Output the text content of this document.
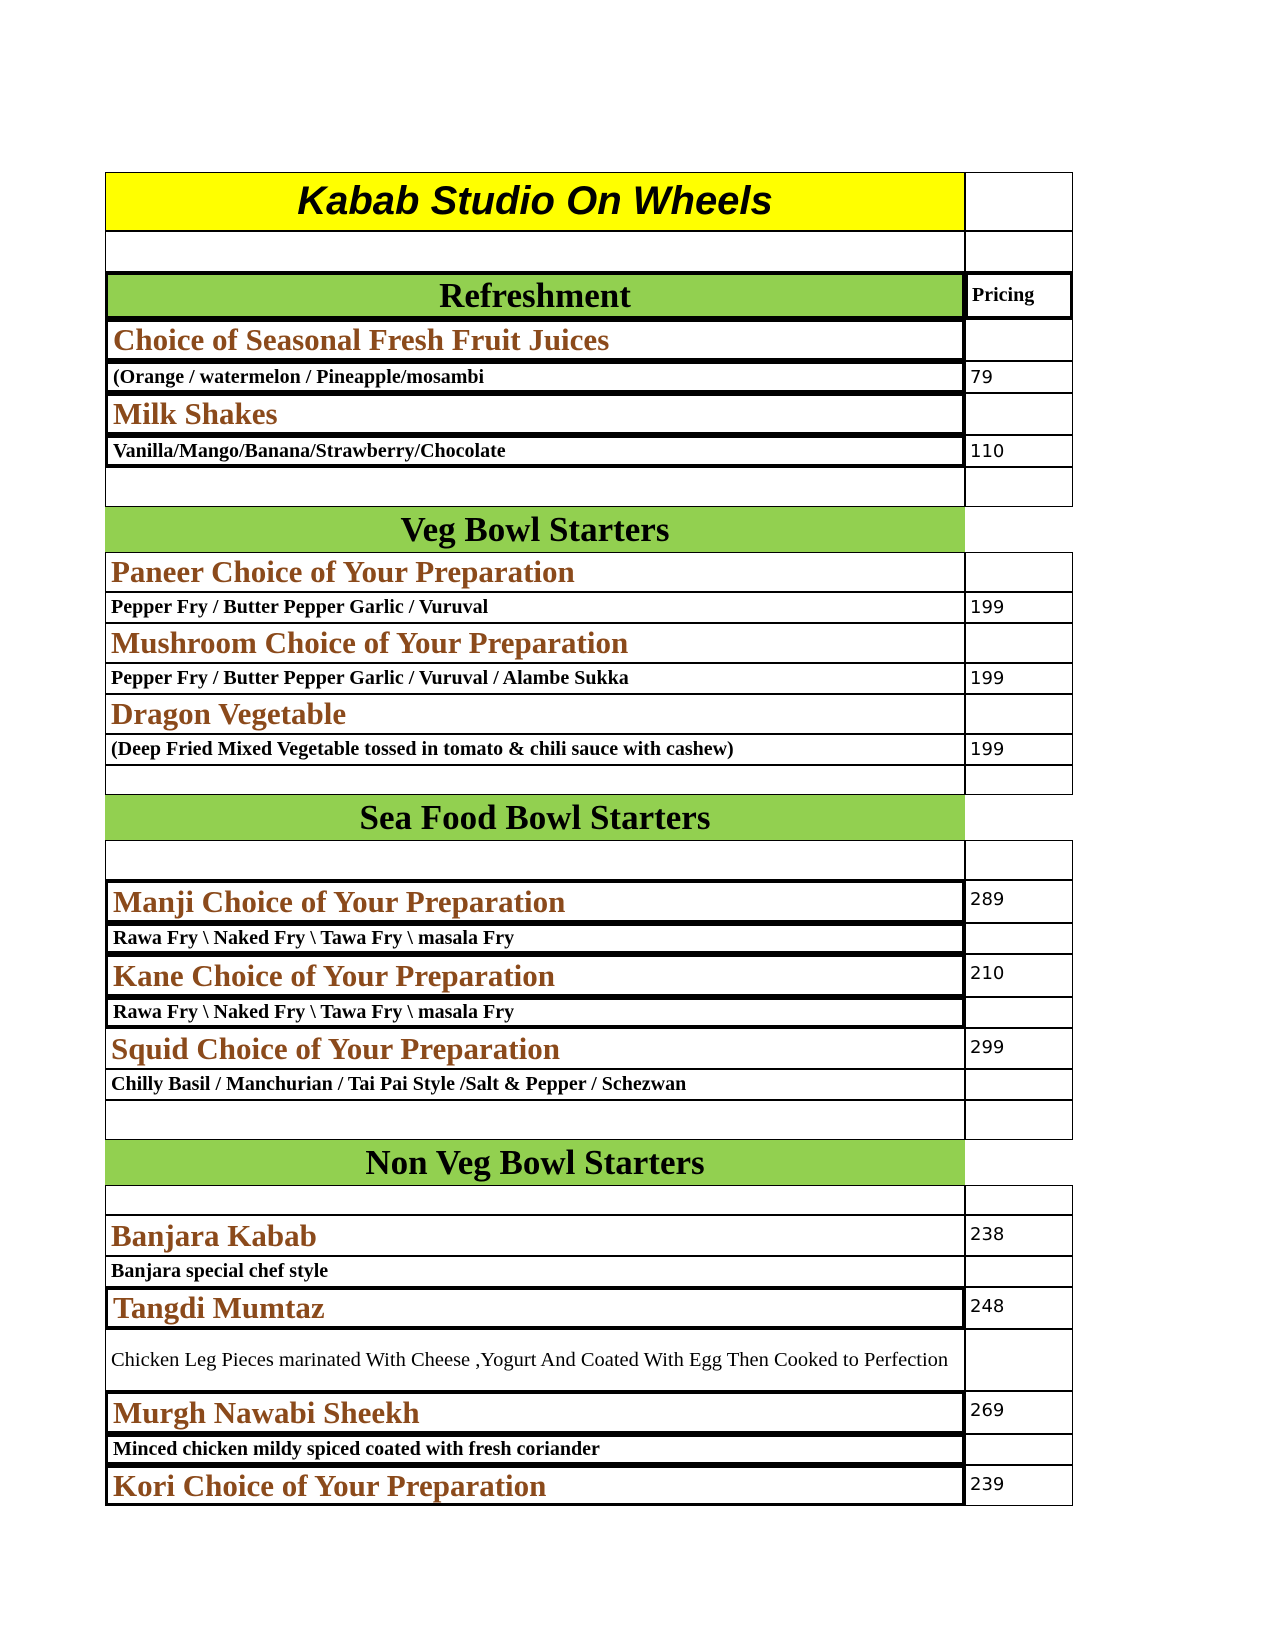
Kabab Studio On Wheels
Refreshment	Pricing
Choice of Seasonal Fresh Fruit Juices
(Orange / watermelon / Pineapple/mosambi	79
Milk Shakes
Vanilla/Mango/Banana/Strawberry/Chocolate	110
Veg Bowl Starters
Paneer Choice of Your Preparation
Pepper Fry / Butter Pepper Garlic / Vuruval	199
Mushroom Choice of Your Preparation
Pepper Fry / Butter Pepper Garlic / Vuruval / Alambe Sukka	199
Dragon Vegetable
(Deep Fried Mixed Vegetable tossed in tomato & chili sauce with cashew)	199
Sea Food Bowl Starters
Manji Choice of Your Preparation	289
Rawa Fry \ Naked Fry \ Tawa Fry \ masala Fry
Kane Choice of Your Preparation	210
Rawa Fry \ Naked Fry \ Tawa Fry \ masala Fry
Squid Choice of Your Preparation	299
Chilly Basil / Manchurian / Tai Pai Style /Salt & Pepper / Schezwan
Non Veg Bowl Starters
Banjara Kabab	238
Banjara special chef style
Tangdi Mumtaz	248
Chicken Leg Pieces marinated With Cheese ,Yogurt And Coated With Egg Then Cooked to Perfection
Murgh Nawabi Sheekh	269
Minced chicken mildy spiced coated with fresh coriander
Kori Choice of Your Preparation	239
